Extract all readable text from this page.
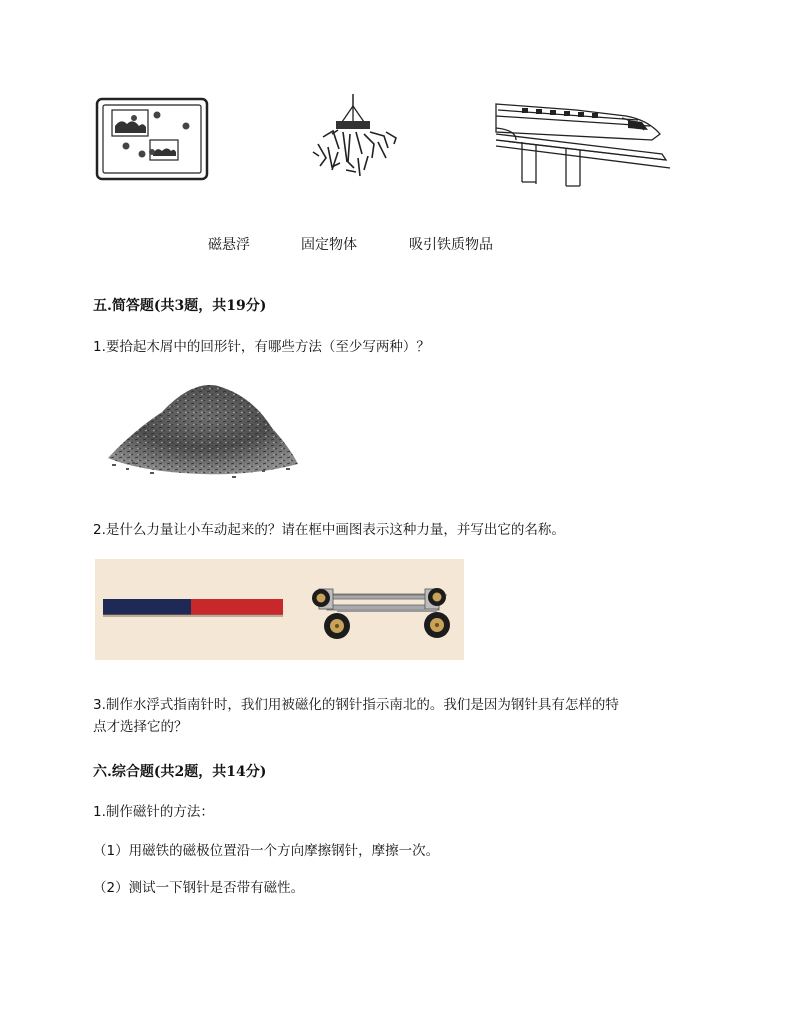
磁悬浮	固定物体	吸引铁质物品
五.简答题(共3题，共19分)
1.要拾起木屑中的回形针，有哪些方法（至少写两种）？
2.是什么力量让小车动起来的？请在框中画图表示这种力量，并写出它的名称。
3.制作水浮式指南针时，我们用被磁化的钢针指示南北的。我们是因为钢针具有怎样的特
点才选择它的？
六.综合题(共2题，共14分)
1.制作磁针的方法：
（1）用磁铁的磁极位置沿一个方向摩擦钢针，摩擦一次。
（2）测试一下钢针是否带有磁性。
